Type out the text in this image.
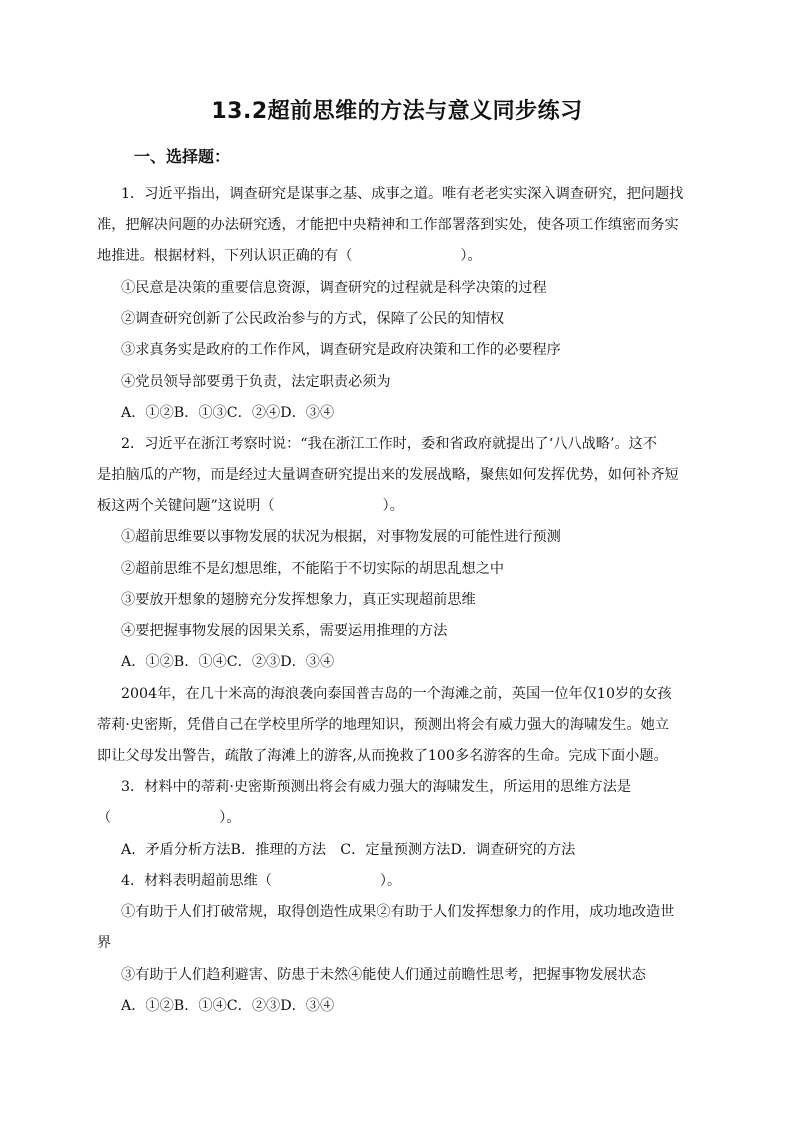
13.2超前思维的方法与意义同步练习
一、选择题：
1．习近平指出，调查研究是谋事之基、成事之道。唯有老老实实深入调查研究，把问题找
准，把解决问题的办法研究透，才能把中央精神和工作部署落到实处，使各项工作缜密而务实
地推进。根据材料，下列认识正确的有（	）。
①民意是决策的重要信息资源，调查研究的过程就是科学决策的过程
②调查研究创新了公民政治参与的方式，保障了公民的知情权
③求真务实是政府的工作作风，调查研究是政府决策和工作的必要程序
④党员领导部要勇于负责，法定职责必须为
A．①②B．①③C．②④D．③④
2．习近平在浙江考察时说：“我在浙江工作时，委和省政府就提出了‘八八战略’。这不
是拍脑瓜的产物，而是经过大量调查研究提出来的发展战略，聚焦如何发挥优势，如何补齐短
板这两个关键问题”这说明（	）。
①超前思维要以事物发展的状况为根据，对事物发展的可能性进行预测
②超前思维不是幻想思维，不能陷于不切实际的胡思乱想之中
③要放开想象的翅膀充分发挥想象力，真正实现超前思维
④要把握事物发展的因果关系，需要运用推理的方法
A．①②B．①④C．②③D．③④
2004年，在几十米高的海浪袭向泰国普吉岛的一个海滩之前，英国一位年仅10岁的女孩
蒂莉·史密斯，凭借自己在学校里所学的地理知识，预测出将会有威力强大的海啸发生。她立
即让父母发出警告，疏散了海滩上的游客,从而挽救了100多名游客的生命。完成下面小题。
3．材料中的蒂莉·史密斯预测出将会有威力强大的海啸发生，所运用的思维方法是
（	）。
A．矛盾分析方法B．推理的方法　C．定量预测方法D．调查研究的方法
4．材料表明超前思维（	）。
①有助于人们打破常规，取得创造性成果②有助于人们发挥想象力的作用，成功地改造世
界
③有助于人们趋利避害、防患于未然④能使人们通过前瞻性思考，把握事物发展状态
A．①②B．①④C．②③D．③④
